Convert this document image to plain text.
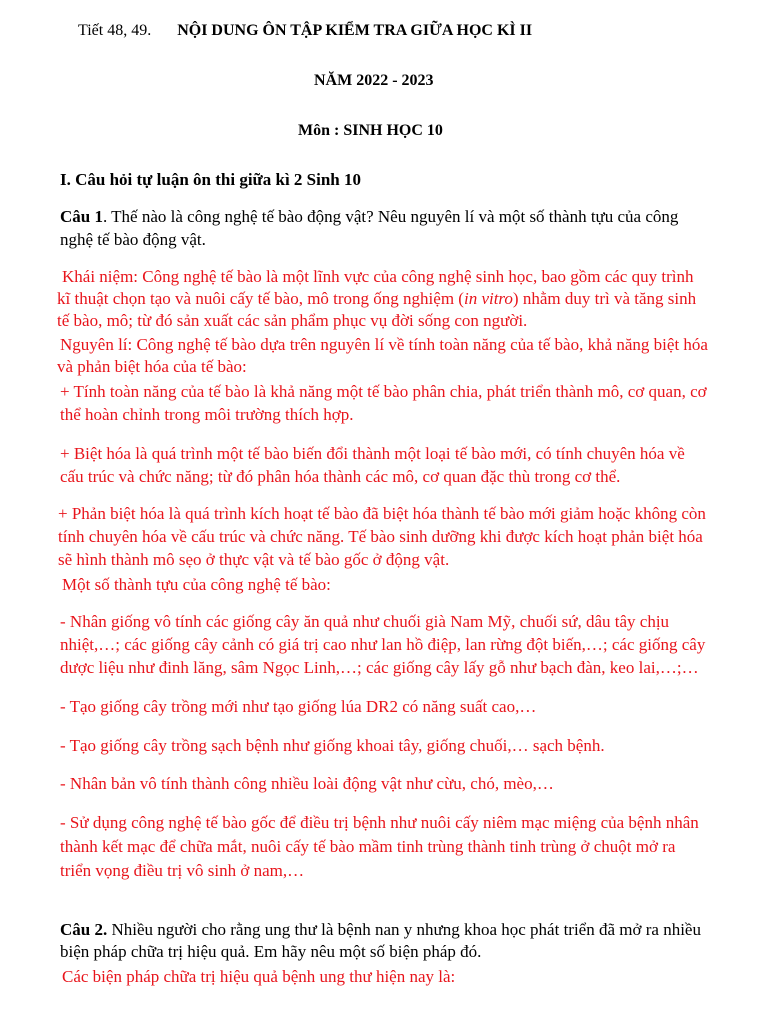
Tiết 48, 49. NỘI DUNG ÔN TẬP KIỂM TRA GIỮA HỌC KÌ II
NĂM 2022 - 2023
Môn : SINH HỌC 10
I. Câu hỏi tự luận ôn thi giữa kì 2 Sinh 10
Câu 1. Thế nào là công nghệ tế bào động vật? Nêu nguyên lí và một số thành tựu của công
nghệ tế bào động vật.
Khái niệm: Công nghệ tế bào là một lĩnh vực của công nghệ sinh học, bao gồm các quy trình
kĩ thuật chọn tạo và nuôi cấy tế bào, mô trong ống nghiệm (in vitro) nhằm duy trì và tăng sinh
tế bào, mô; từ đó sản xuất các sản phẩm phục vụ đời sống con người.
Nguyên lí: Công nghệ tế bào dựa trên nguyên lí về tính toàn năng của tế bào, khả năng biệt hóa
và phản biệt hóa của tế bào:
+ Tính toàn năng của tế bào là khả năng một tế bào phân chia, phát triển thành mô, cơ quan, cơ
thể hoàn chỉnh trong môi trường thích hợp.
+ Biệt hóa là quá trình một tế bào biến đổi thành một loại tế bào mới, có tính chuyên hóa về
cấu trúc và chức năng; từ đó phân hóa thành các mô, cơ quan đặc thù trong cơ thể.
+ Phản biệt hóa là quá trình kích hoạt tế bào đã biệt hóa thành tế bào mới giảm hoặc không còn
tính chuyên hóa về cấu trúc và chức năng. Tế bào sinh dưỡng khi được kích hoạt phản biệt hóa
sẽ hình thành mô sẹo ở thực vật và tế bào gốc ở động vật.
Một số thành tựu của công nghệ tế bào:
- Nhân giống vô tính các giống cây ăn quả như chuối già Nam Mỹ, chuối sứ, dâu tây chịu
nhiệt,…; các giống cây cảnh có giá trị cao như lan hồ điệp, lan rừng đột biến,…; các giống cây
dược liệu như đinh lăng, sâm Ngọc Linh,…; các giống cây lấy gỗ như bạch đàn, keo lai,…;…
- Tạo giống cây trồng mới như tạo giống lúa DR2 có năng suất cao,…
- Tạo giống cây trồng sạch bệnh như giống khoai tây, giống chuối,… sạch bệnh.
- Nhân bản vô tính thành công nhiều loài động vật như cừu, chó, mèo,…
- Sử dụng công nghệ tế bào gốc để điều trị bệnh như nuôi cấy niêm mạc miệng của bệnh nhân
thành kết mạc để chữa mắt, nuôi cấy tế bào mầm tinh trùng thành tinh trùng ở chuột mở ra
triển vọng điều trị vô sinh ở nam,…
Câu 2. Nhiều người cho rằng ung thư là bệnh nan y nhưng khoa học phát triển đã mở ra nhiều
biện pháp chữa trị hiệu quả. Em hãy nêu một số biện pháp đó.
Các biện pháp chữa trị hiệu quả bệnh ung thư hiện nay là:
